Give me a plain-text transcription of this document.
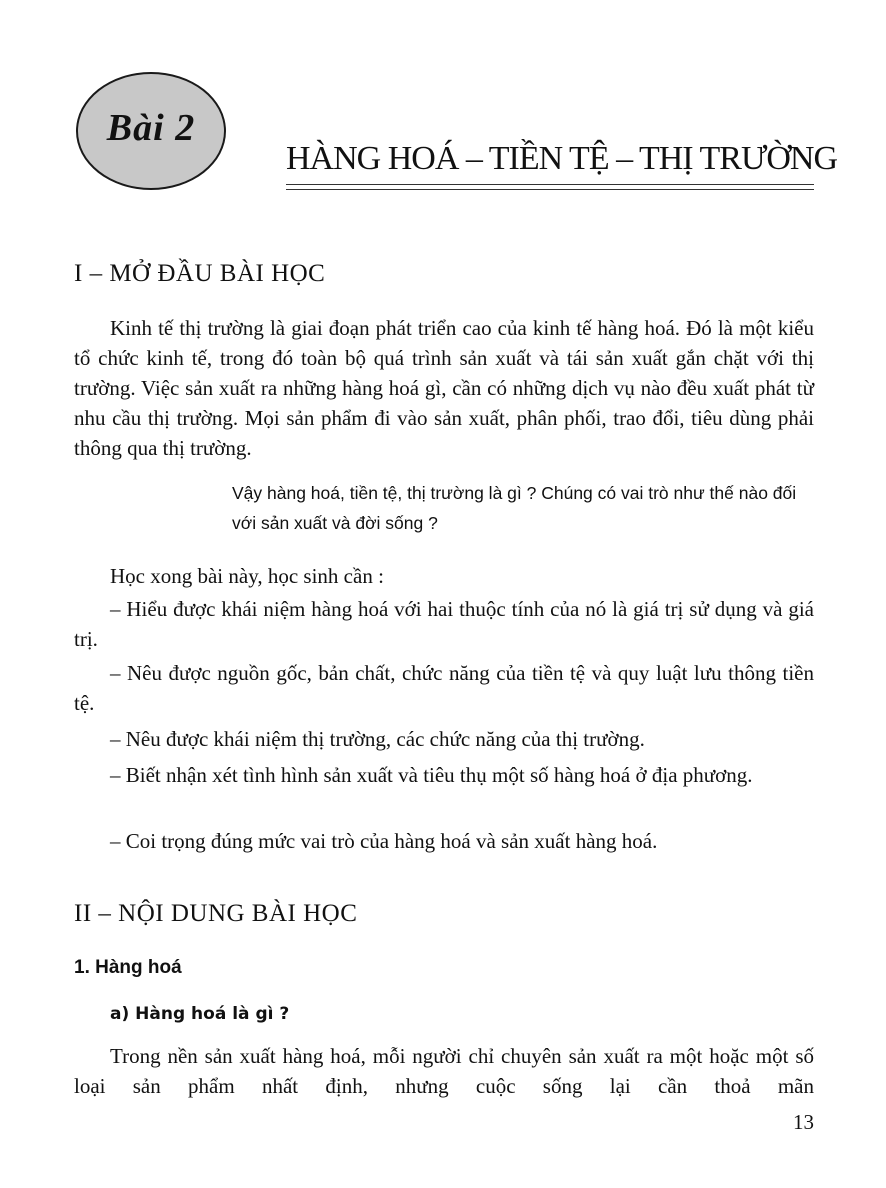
Bài 2
HÀNG HOÁ – TIỀN TỆ – THỊ TRƯỜNG
I – MỞ ĐẦU BÀI HỌC

Kinh tế thị trường là giai đoạn phát triển cao của kinh tế hàng hoá. Đó là một kiểu tổ chức kinh tế, trong đó toàn bộ quá trình sản xuất và tái sản xuất gắn chặt với thị trường. Việc sản xuất ra những hàng hoá gì, cần có những dịch vụ nào đều xuất phát từ nhu cầu thị trường. Mọi sản phẩm đi vào sản xuất, phân phối, trao đổi, tiêu dùng phải thông qua thị trường.

Vậy hàng hoá, tiền tệ, thị trường là gì ? Chúng có vai trò như thế nào đối với sản xuất và đời sống ?

Học xong bài này, học sinh cần :

– Hiểu được khái niệm hàng hoá với hai thuộc tính của nó là giá trị sử dụng và giá trị.

– Nêu được nguồn gốc, bản chất, chức năng của tiền tệ và quy luật lưu thông tiền tệ.

– Nêu được khái niệm thị trường, các chức năng của thị trường.

– Biết nhận xét tình hình sản xuất và tiêu thụ một số hàng hoá ở địa phương.

– Coi trọng đúng mức vai trò của hàng hoá và sản xuất hàng hoá.

II – NỘI DUNG BÀI HỌC
1. Hàng hoá
a) Hàng hoá là gì ?

Trong nền sản xuất hàng hoá, mỗi người chỉ chuyên sản xuất ra một hoặc một số loại sản phẩm nhất định, nhưng cuộc sống lại cần thoả mãn

13
